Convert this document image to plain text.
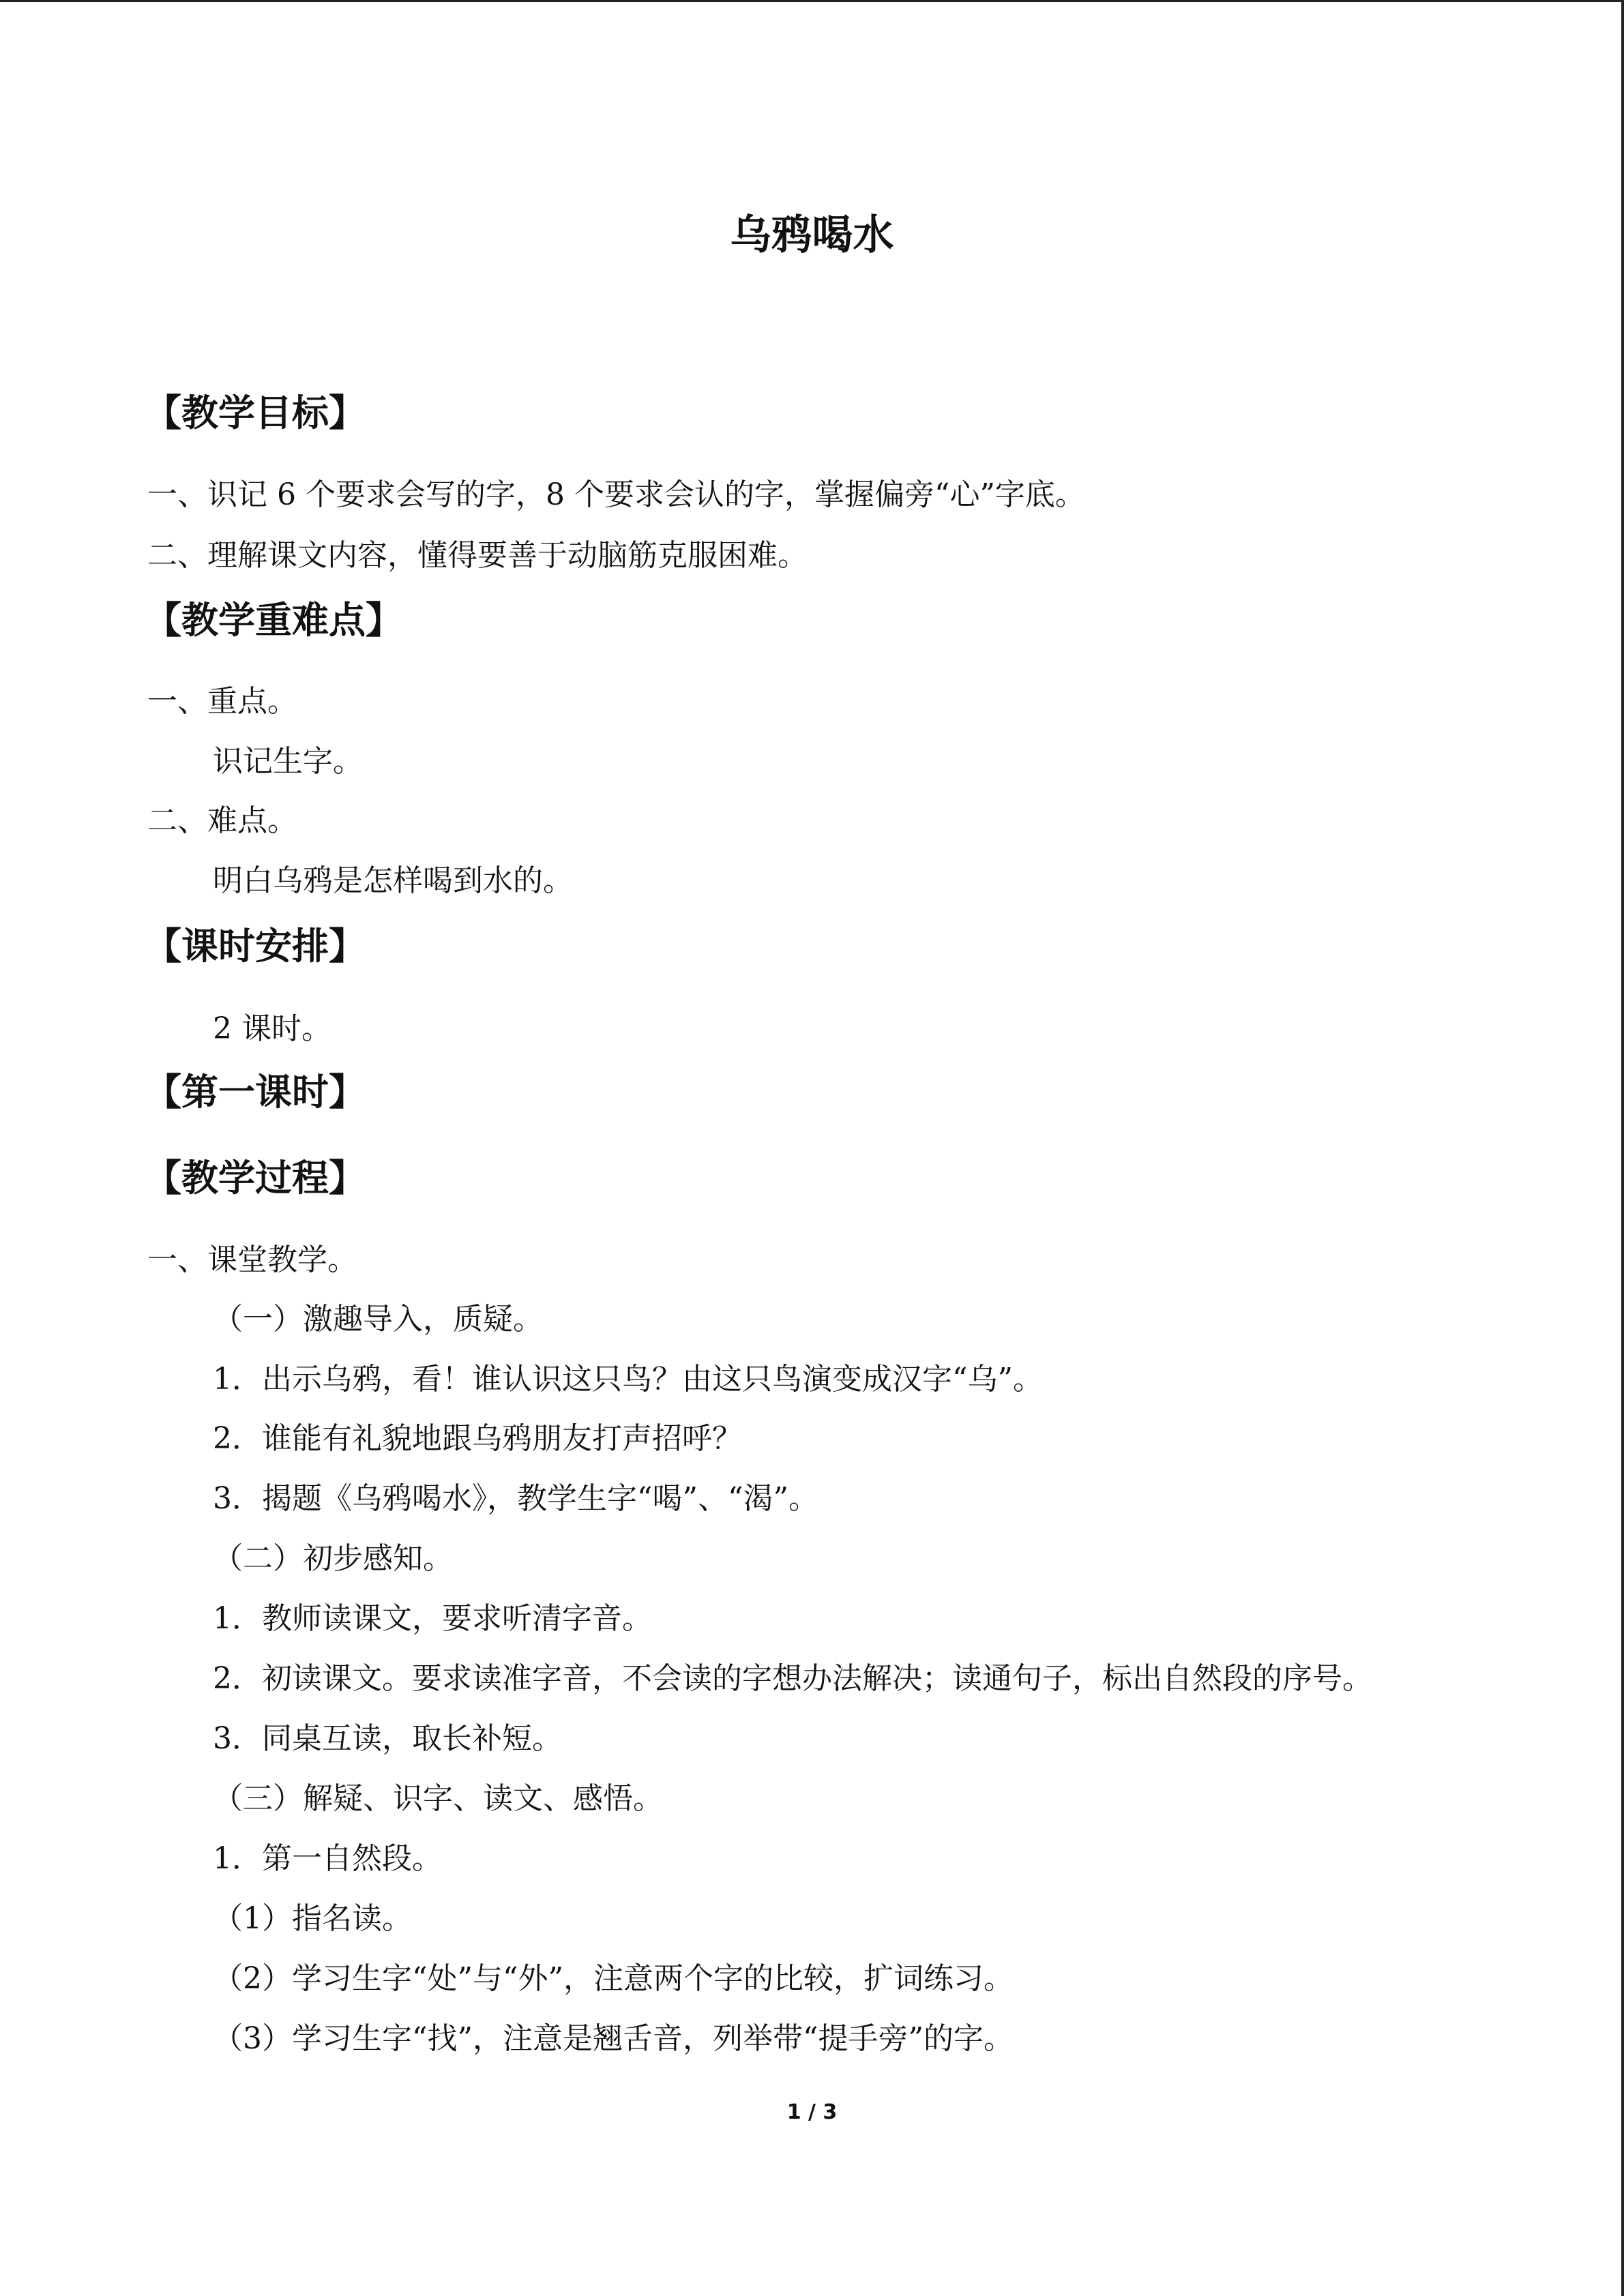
乌鸦喝水
【教学目标】
一、识记 6 个要求会写的字，8 个要求会认的字，掌握偏旁“心”字底。
二、理解课文内容，懂得要善于动脑筋克服困难。
【教学重难点】
一、重点。
识记生字。
二、难点。
明白乌鸦是怎样喝到水的。
【课时安排】
2 课时。
【第一课时】
【教学过程】
一、课堂教学。
（一）激趣导入，质疑。
1．出示乌鸦，看！谁认识这只鸟？由这只鸟演变成汉字“乌”。
2．谁能有礼貌地跟乌鸦朋友打声招呼？
3．揭题《乌鸦喝水》，教学生字“喝”、“渴”。
（二）初步感知。
1．教师读课文，要求听清字音。
2．初读课文。要求读准字音，不会读的字想办法解决；读通句子，标出自然段的序号。
3．同桌互读，取长补短。
（三）解疑、识字、读文、感悟。
1．第一自然段。
（1）指名读。
（2）学习生字“处”与“外”，注意两个字的比较，扩词练习。
（3）学习生字“找”，注意是翘舌音，列举带“提手旁”的字。
1 / 3
